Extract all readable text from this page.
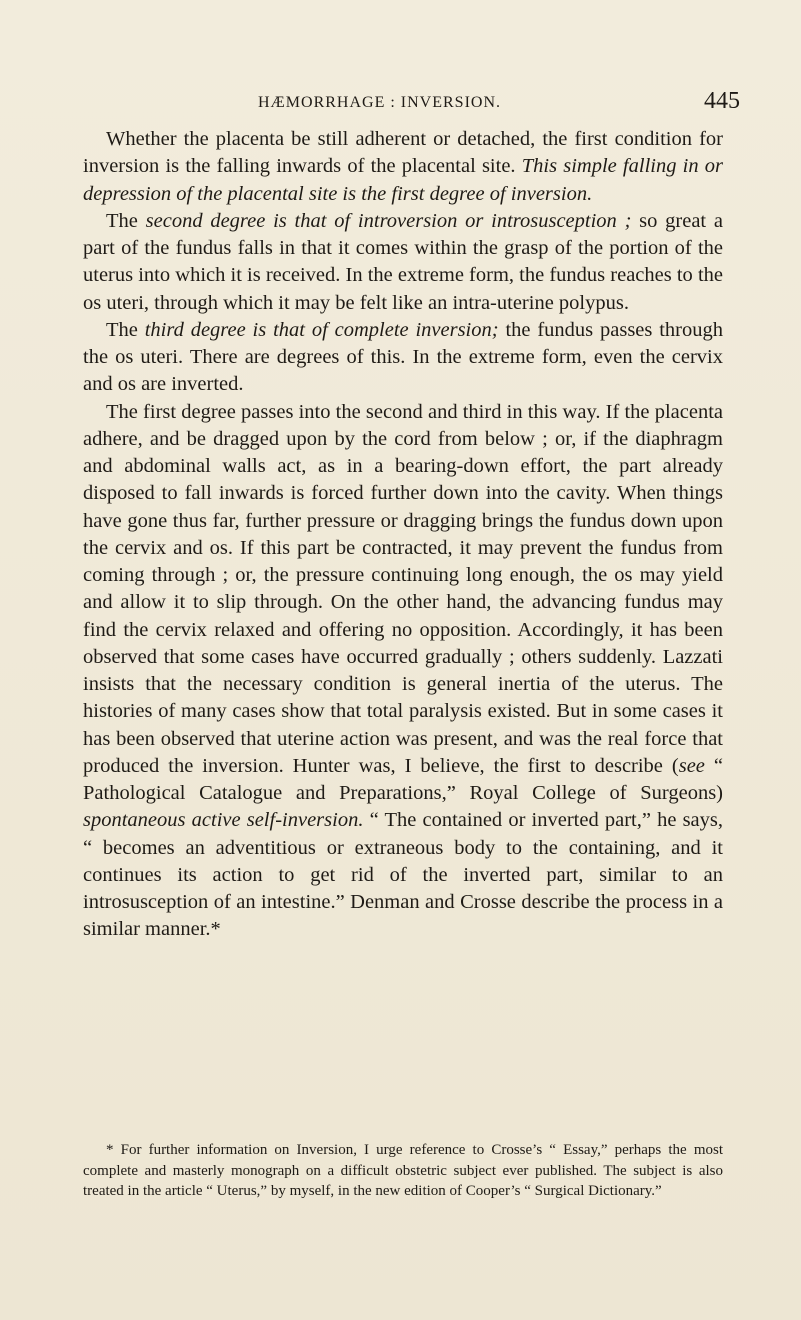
HÆMORRHAGE : INVERSION.	445

Whether the placenta be still adherent or detached, the first condition for inversion is the falling inwards of the placental site. This simple falling in or depression of the placental site is the first degree of inversion.

The second degree is that of introversion or introsusception ; so great a part of the fundus falls in that it comes within the grasp of the portion of the uterus into which it is received. In the extreme form, the fundus reaches to the os uteri, through which it may be felt like an intra-uterine polypus.

The third degree is that of complete inversion; the fundus passes through the os uteri. There are degrees of this. In the extreme form, even the cervix and os are inverted.

The first degree passes into the second and third in this way. If the placenta adhere, and be dragged upon by the cord from below ; or, if the diaphragm and abdominal walls act, as in a bearing-down effort, the part already disposed to fall inwards is forced further down into the cavity. When things have gone thus far, further pressure or dragging brings the fundus down upon the cervix and os. If this part be contracted, it may prevent the fundus from coming through ; or, the pressure continuing long enough, the os may yield and allow it to slip through. On the other hand, the advancing fundus may find the cervix relaxed and offering no opposition. Accordingly, it has been observed that some cases have occurred gradually ; others suddenly. Lazzati insists that the necessary condition is general inertia of the uterus. The histories of many cases show that total paralysis existed. But in some cases it has been observed that uterine action was present, and was the real force that produced the inversion. Hunter was, I believe, the first to describe (see “ Pathological Catalogue and Preparations,” Royal College of Surgeons) spontaneous active self-inversion. “ The contained or inverted part,” he says, “ becomes an adventitious or extraneous body to the containing, and it continues its action to get rid of the inverted part, similar to an introsusception of an intestine.” Denman and Crosse describe the process in a similar manner.*

* For further information on Inversion, I urge reference to Crosse’s “ Essay,” perhaps the most complete and masterly monograph on a difficult obstetric subject ever published. The subject is also treated in the article “ Uterus,” by myself, in the new edition of Cooper’s “ Surgical Dictionary.”
